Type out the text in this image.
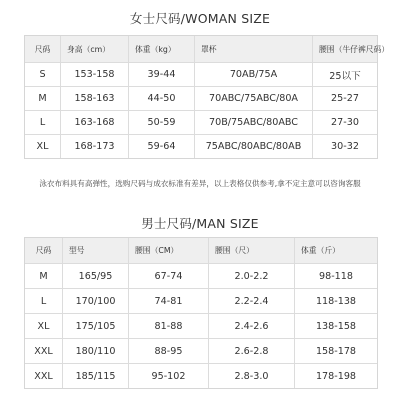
女士尺码/WOMAN SIZE
尺码	身高（cm）	体重（kg）	罩杯	腰围（牛仔裤尺码）
S	153-158	39-44	70AB/75A	25以下
M	158-163	44-50	70ABC/75ABC/80A	25-27
L	163-168	50-59	70B/75ABC/80ABC	27-30
XL	168-173	59-64	75ABC/80ABC/80AB	30-32
泳衣布料具有高弹性，选购尺码与成衣标准有差异，以上表格仅供参考,拿不定主意可以咨询客服
男士尺码/MAN SIZE
尺码	型号	腰围（CM）	腰围（尺）	体重（斤）
M	165/95	67-74	2.0-2.2	98-118
L	170/100	74-81	2.2-2.4	118-138
XL	175/105	81-88	2.4-2.6	138-158
XXL	180/110	88-95	2.6-2.8	158-178
XXL	185/115	95-102	2.8-3.0	178-198
